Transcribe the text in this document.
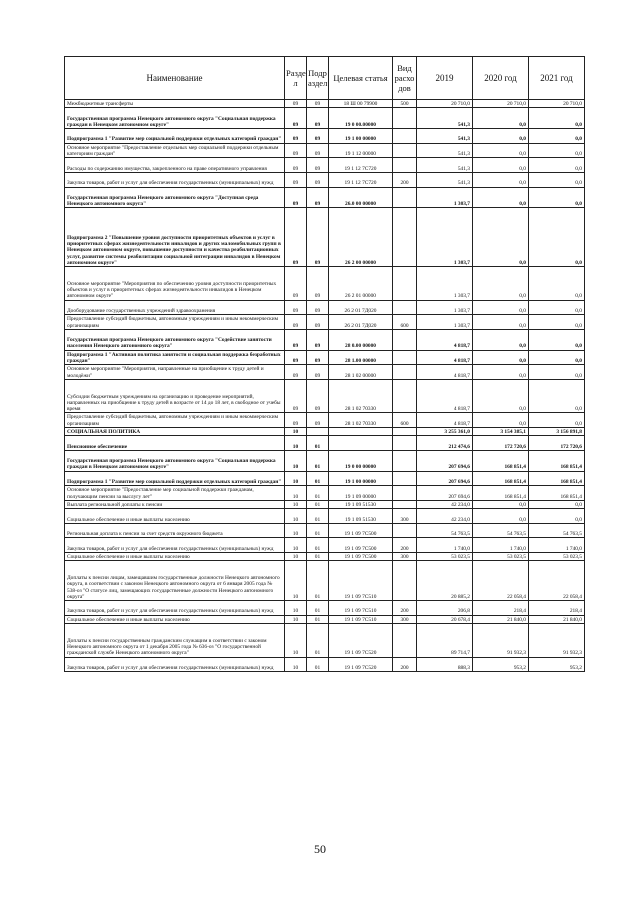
Наименование	Разде л	Подр аздел	Целевая статья	Вид расхо дов	2019	2020 год	2021 год
Межбюджетные трансферты	09	09	18 Ш 00 79900	500	20 710,0	20 710,0	20 710,0
Государственная программа Ненецкого автономного округа "Социальная поддержка граждан в Ненецком автономном округе"	09	09	19 0 00.00000		541,3	0,0	0,0
Подпрограмма 1 "Развитие мер социальной поддержки отдельных категорий граждан"	09	09	19 1 00 00000		541,3	0,0	0,0
Основное мероприятие "Предоставление отдельных мер социальной поддержки отдельным категориям граждан"	09	09	19 1 12 00000		541,3	0,0	0,0
Расходы по содержанию имущества, закрепленного на праве оперативного управления	09	09	19 1 12 7С720		541,3	0,0	0,0
Закупка товаров, работ и услуг для обеспечения государственных (муниципальных) нужд	09	09	19 1 12 7С720	200	541,3	0,0	0,0
Государственная программа Ненецкого автономного округа "Доступная среда Ненецкого автономного округа"	09	09	26.0 00 00000		1 303,7	0,0	0,0
Подпрограмма 2 "Повышение уровня доступности приоритетных объектов и услуг в приоритетных сферах жизнедеятельности инвалидов и других маломобильных групп в Ненецком автономном округе, повышение доступности и качества реабилитационных услуг, развитие системы реабилитации социальной интеграции инвалидов в Ненецком автономном округе"	09	09	26 2 00 00000		1 303,7	0,0	0,0
Основное мероприятие "Мероприятия по обеспечению уровня доступности приоритетных объектов и услуг в приоритетных сферах жизнедеятельности инвалидов в Ненецком автономном округе"	09	09	26 2 01 00000		1 303,7	0,0	0,0
Дооборудование государственных учреждений здравоохранения	09	09	26 2 01 7Д020		1 303,7	0,0	0,0
Предоставление субсидий бюджетным, автономным учреждениям и иным некоммерческим организациям	09	09	26 2 01 7Д020	600	1 303,7	0,0	0,0
Государственная программа Ненецкого автономного округа "Содействие занятости населения Ненецкого автономного округа"	09	09	28 0.00 00000		4 818,7	0,0	0,0
Подпрограмма 1 "Активная политика занятости и социальная поддержка безработных граждан"	09	09	28 1.00 00000		4 818,7	0,0	0,0
Основное мероприятие "Мероприятия, направленные на приобщение к труду детей и молодёжи"	09	09	28 1 02 00000		4 818,7	0,0	0,0
Субсидии бюджетным учреждениям на организацию и проведение мероприятий, направленных на приобщение к труду детей в возрасте от 14 до 18 лет, в свободное от учебы время	09	09	28 1 02 70330		4 818,7	0,0	0,0
Предоставление субсидий бюджетным, автономным учреждениям и иным некоммерческим организациям	09	09	28 1 02 70330	600	4 818,7	0,0	0,0
СОЦИАЛЬНАЯ ПОЛИТИКА	10				3 255 361,0	3 154 385,1	3 156 891,8
Пенсионное обеспечение	10	01			212 474,6	172 720,6	172 720,6
Государственная программа Ненецкого автономного округа "Социальная поддержка граждан в Ненецком автономном округе"	10	01	19 0 00 00000		207 694,6	168 851,4	168 851,4
Подпрограмма 1 "Развитие мер социальной поддержки отдельных категорий граждан"	10	01	19 1 00 00000		207 694,6	168 851,4	168 851,4
Основное мероприятие "Предоставление мер социальной поддержки гражданам, получающим пенсии за выслугу лет"	10	01	19 1 09 00000		207 694,6	168 851,4	168 851,4
Выплата региональной доплаты к пенсии	10	01	19 1 09 51530		42 234,0	0,0	0,0
Социальное обеспечение и иные выплаты населению	10	01	19 1 09 51530	300	42 234,0	0,0	0,0
Региональная доплата к пенсии за счет средств окружного бюджета	10	01	19 1 09 7С500		54 763,5	54 763,5	54 763,5
Закупка товаров, работ и услуг для обеспечения государственных (муниципальных) нужд	10	01	19 1 09 7С500	200	1 740,0	1 740,0	1 740,0
Социальное обеспечение и иные выплаты населению	10	01	19 1 09 7С500	300	53 023,5	53 023,5	53 023,5
Доплаты к пенсии лицам, замещавшим государственные должности Ненецкого автономного округа, в соответствии с законом Ненецкого автономного округа от 6 января 2005 года № 538-оз "О статусе лиц, замещающих государственные должности Ненецкого автономного округа"	10	01	19 1 09 7С510		20 885,2	22 058,4	22 058,4
Закупка товаров, работ и услуг для обеспечения государственных (муниципальных) нужд	10	01	19 1 09 7С510	200	206,8	218,4	218,4
Социальное обеспечение и иные выплаты населению	10	01	19 1 09 7С510	300	20 678,4	21 840,0	21 840,0
Доплаты к пенсии государственным гражданским служащим в соответствии с законом Ненецкого автономного округа от 1 декабря 2005 года № 636-оз "О государственной гражданской службе Ненецкого автономного округа"	10	01	19 1 09 7С520		89 714,7	91 932,3	91 932,3
Закупка товаров, работ и услуг для обеспечения государственных (муниципальных) нужд	10	01	19 1 09 7С520	200	888,3	953,2	953,2
50
